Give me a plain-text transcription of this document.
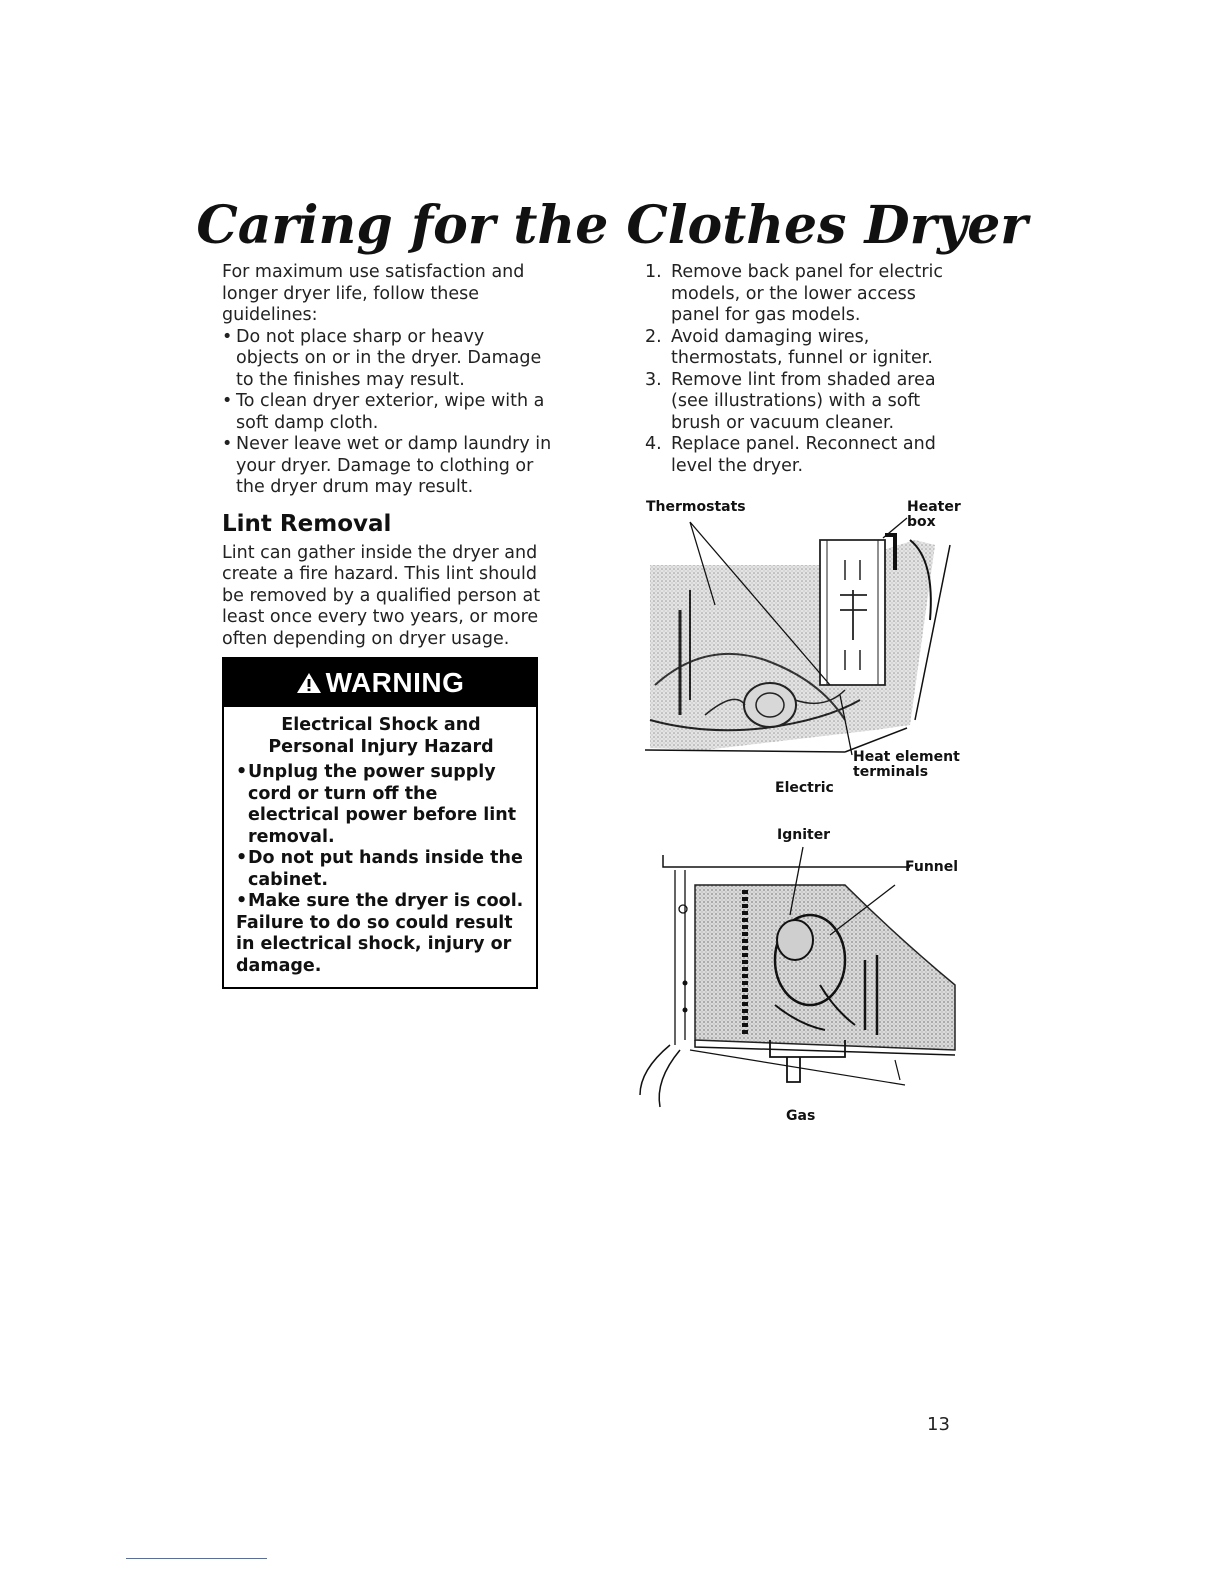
Caring for the Clothes Dryer

For maximum use satisfaction and longer dryer life, follow these guidelines:

• Do not place sharp or heavy objects on or in the dryer. Damage to the finishes may result.
• To clean dryer exterior, wipe with a soft damp cloth.
• Never leave wet or damp laundry in your dryer. Damage to clothing or the dryer drum may result.
Lint Removal

Lint can gather inside the dryer and create a fire hazard. This lint should be removed by a qualified person at least once every two years, or more often depending on dryer usage.

WARNING
Electrical Shock and Personal Injury Hazard
• Unplug the power supply cord or turn off the electrical power before lint removal.
• Do not put hands inside the cabinet.
• Make sure the dryer is cool.
Failure to do so could result in electrical shock, injury or damage.
1. Remove back panel for electric models, or the lower access panel for gas models.
2. Avoid damaging wires, thermostats, funnel or igniter.
3. Remove lint from shaded area (see illustrations) with a soft brush or vacuum cleaner.
4. Replace panel. Reconnect and level the dryer.
Thermostats	Heater
box
Heat element
terminals
Electric
Igniter
Funnel
Gas
13
